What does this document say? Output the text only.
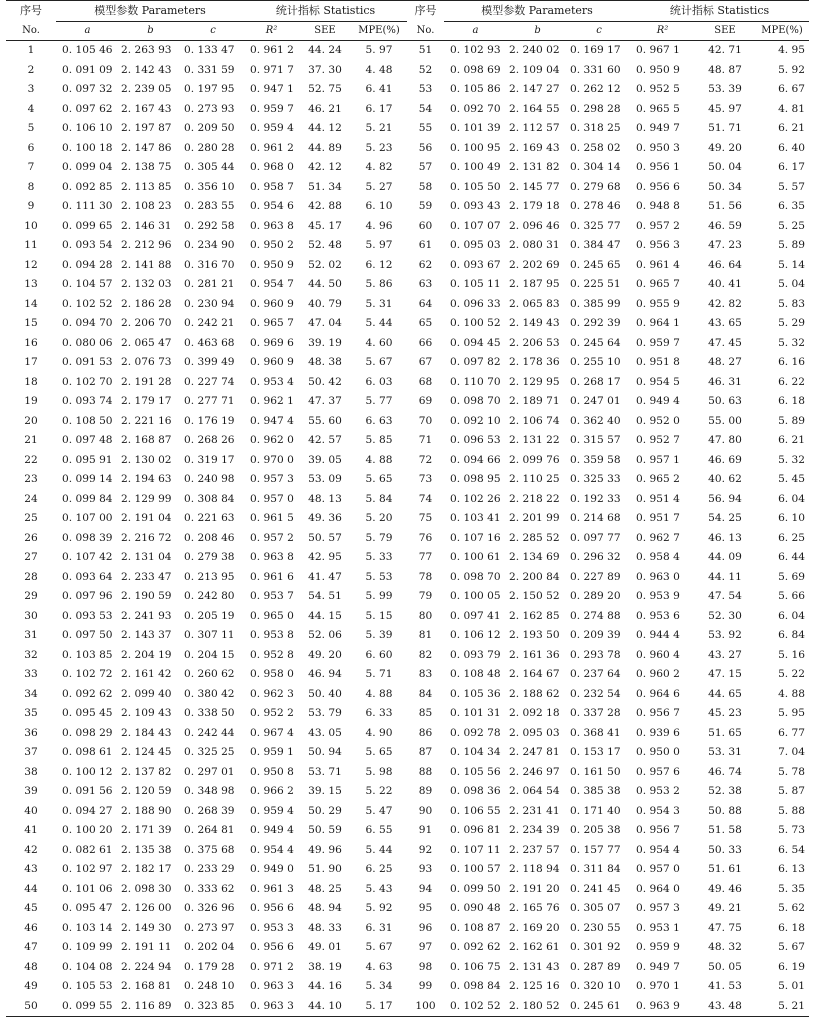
序号	模型参数 Parameters			统计指标 Statistics			序号	模型参数 Parameters			统计指标 Statistics		
No.	a	b	c	R²	SEE	MPE(%)	No.	a	b	c	R²	SEE	MPE(%)
1	0. 105 46	2. 263 93	0. 133 47	0. 961 2	44. 24	5. 97	51	0. 102 93	2. 240 02	0. 169 17	0. 967 1	42. 71	4. 95
2	0. 091 09	2. 142 43	0. 331 59	0. 971 7	37. 30	4. 48	52	0. 098 69	2. 109 04	0. 331 60	0. 950 9	48. 87	5. 92
3	0. 097 32	2. 239 05	0. 197 95	0. 947 1	52. 75	6. 41	53	0. 105 86	2. 147 27	0. 262 12	0. 952 5	53. 39	6. 67
4	0. 097 62	2. 167 43	0. 273 93	0. 959 7	46. 21	6. 17	54	0. 092 70	2. 164 55	0. 298 28	0. 965 5	45. 97	4. 81
5	0. 106 10	2. 197 87	0. 209 50	0. 959 4	44. 12	5. 21	55	0. 101 39	2. 112 57	0. 318 25	0. 949 7	51. 71	6. 21
6	0. 100 18	2. 147 86	0. 280 28	0. 961 2	44. 89	5. 23	56	0. 100 95	2. 169 43	0. 258 02	0. 950 3	49. 20	6. 40
7	0. 099 04	2. 138 75	0. 305 44	0. 968 0	42. 12	4. 82	57	0. 100 49	2. 131 82	0. 304 14	0. 956 1	50. 04	6. 17
8	0. 092 85	2. 113 85	0. 356 10	0. 958 7	51. 34	5. 27	58	0. 105 50	2. 145 77	0. 279 68	0. 956 6	50. 34	5. 57
9	0. 111 30	2. 108 23	0. 283 55	0. 954 6	42. 88	6. 10	59	0. 093 43	2. 179 18	0. 278 46	0. 948 8	51. 56	6. 35
10	0. 099 65	2. 146 31	0. 292 58	0. 963 8	45. 17	4. 96	60	0. 107 07	2. 096 46	0. 325 77	0. 957 2	46. 59	5. 25
11	0. 093 54	2. 212 96	0. 234 90	0. 950 2	52. 48	5. 97	61	0. 095 03	2. 080 31	0. 384 47	0. 956 3	47. 23	5. 89
12	0. 094 28	2. 141 88	0. 316 70	0. 950 9	52. 02	6. 12	62	0. 093 67	2. 202 69	0. 245 65	0. 961 4	46. 64	5. 14
13	0. 104 57	2. 132 03	0. 281 21	0. 954 7	44. 50	5. 86	63	0. 105 11	2. 187 95	0. 225 51	0. 965 7	40. 41	5. 04
14	0. 102 52	2. 186 28	0. 230 94	0. 960 9	40. 79	5. 31	64	0. 096 33	2. 065 83	0. 385 99	0. 955 9	42. 82	5. 83
15	0. 094 70	2. 206 70	0. 242 21	0. 965 7	47. 04	5. 44	65	0. 100 52	2. 149 43	0. 292 39	0. 964 1	43. 65	5. 29
16	0. 080 06	2. 065 47	0. 463 68	0. 969 6	39. 19	4. 60	66	0. 094 45	2. 206 53	0. 245 64	0. 959 7	47. 45	5. 32
17	0. 091 53	2. 076 73	0. 399 49	0. 960 9	48. 38	5. 67	67	0. 097 82	2. 178 36	0. 255 10	0. 951 8	48. 27	6. 16
18	0. 102 70	2. 191 28	0. 227 74	0. 953 4	50. 42	6. 03	68	0. 110 70	2. 129 95	0. 268 17	0. 954 5	46. 31	6. 22
19	0. 093 74	2. 179 17	0. 277 71	0. 962 1	47. 37	5. 77	69	0. 098 70	2. 189 71	0. 247 01	0. 949 4	50. 63	6. 18
20	0. 108 50	2. 221 16	0. 176 19	0. 947 4	55. 60	6. 63	70	0. 092 10	2. 106 74	0. 362 40	0. 952 0	55. 00	5. 89
21	0. 097 48	2. 168 87	0. 268 26	0. 962 0	42. 57	5. 85	71	0. 096 53	2. 131 22	0. 315 57	0. 952 7	47. 80	6. 21
22	0. 095 91	2. 130 02	0. 319 17	0. 970 0	39. 05	4. 88	72	0. 094 66	2. 099 76	0. 359 58	0. 957 1	46. 69	5. 32
23	0. 099 14	2. 194 63	0. 240 98	0. 957 3	53. 09	5. 65	73	0. 098 95	2. 110 25	0. 325 33	0. 965 2	40. 62	5. 45
24	0. 099 84	2. 129 99	0. 308 84	0. 957 0	48. 13	5. 84	74	0. 102 26	2. 218 22	0. 192 33	0. 951 4	56. 94	6. 04
25	0. 107 00	2. 191 04	0. 221 63	0. 961 5	49. 36	5. 20	75	0. 103 41	2. 201 99	0. 214 68	0. 951 7	54. 25	6. 10
26	0. 098 39	2. 216 72	0. 208 46	0. 957 2	50. 57	5. 79	76	0. 107 16	2. 285 52	0. 097 77	0. 962 7	46. 13	6. 25
27	0. 107 42	2. 131 04	0. 279 38	0. 963 8	42. 95	5. 33	77	0. 100 61	2. 134 69	0. 296 32	0. 958 4	44. 09	6. 44
28	0. 093 64	2. 233 47	0. 213 95	0. 961 6	41. 47	5. 53	78	0. 098 70	2. 200 84	0. 227 89	0. 963 0	44. 11	5. 69
29	0. 097 96	2. 190 59	0. 242 80	0. 953 7	54. 51	5. 99	79	0. 100 05	2. 150 52	0. 289 20	0. 953 9	47. 54	5. 66
30	0. 093 53	2. 241 93	0. 205 19	0. 965 0	44. 15	5. 15	80	0. 097 41	2. 162 85	0. 274 88	0. 953 6	52. 30	6. 04
31	0. 097 50	2. 143 37	0. 307 11	0. 953 8	52. 06	5. 39	81	0. 106 12	2. 193 50	0. 209 39	0. 944 4	53. 92	6. 84
32	0. 103 85	2. 204 19	0. 204 15	0. 952 8	49. 20	6. 60	82	0. 093 79	2. 161 36	0. 293 78	0. 960 4	43. 27	5. 16
33	0. 102 72	2. 161 42	0. 260 62	0. 958 0	46. 94	5. 71	83	0. 108 48	2. 164 67	0. 237 64	0. 960 2	47. 15	5. 22
34	0. 092 62	2. 099 40	0. 380 42	0. 962 3	50. 40	4. 88	84	0. 105 36	2. 188 62	0. 232 54	0. 964 6	44. 65	4. 88
35	0. 095 45	2. 109 43	0. 338 50	0. 952 2	53. 79	6. 33	85	0. 101 31	2. 092 18	0. 337 28	0. 956 7	45. 23	5. 95
36	0. 098 29	2. 184 43	0. 242 44	0. 967 4	43. 05	4. 90	86	0. 092 78	2. 095 03	0. 368 41	0. 939 6	51. 65	6. 77
37	0. 098 61	2. 124 45	0. 325 25	0. 959 1	50. 94	5. 65	87	0. 104 34	2. 247 81	0. 153 17	0. 950 0	53. 31	7. 04
38	0. 100 12	2. 137 82	0. 297 01	0. 950 8	53. 71	5. 98	88	0. 105 56	2. 246 97	0. 161 50	0. 957 6	46. 74	5. 78
39	0. 091 56	2. 120 59	0. 348 98	0. 966 2	39. 15	5. 22	89	0. 098 36	2. 064 54	0. 385 38	0. 953 2	52. 38	5. 87
40	0. 094 27	2. 188 90	0. 268 39	0. 959 4	50. 29	5. 47	90	0. 106 55	2. 231 41	0. 171 40	0. 954 3	50. 88	5. 88
41	0. 100 20	2. 171 39	0. 264 81	0. 949 4	50. 59	6. 55	91	0. 096 81	2. 234 39	0. 205 38	0. 956 7	51. 58	5. 73
42	0. 082 61	2. 135 38	0. 375 68	0. 954 4	49. 96	5. 44	92	0. 107 11	2. 237 57	0. 157 77	0. 954 4	50. 33	6. 54
43	0. 102 97	2. 182 17	0. 233 29	0. 949 0	51. 90	6. 25	93	0. 100 57	2. 118 94	0. 311 84	0. 957 0	51. 61	6. 13
44	0. 101 06	2. 098 30	0. 333 62	0. 961 3	48. 25	5. 43	94	0. 099 50	2. 191 20	0. 241 45	0. 964 0	49. 46	5. 35
45	0. 095 47	2. 126 00	0. 326 96	0. 956 6	48. 94	5. 92	95	0. 090 48	2. 165 76	0. 305 07	0. 957 3	49. 21	5. 62
46	0. 103 14	2. 149 30	0. 273 97	0. 953 3	48. 33	6. 31	96	0. 108 87	2. 169 20	0. 230 55	0. 953 1	47. 75	6. 18
47	0. 109 99	2. 191 11	0. 202 04	0. 956 6	49. 01	5. 67	97	0. 092 62	2. 162 61	0. 301 92	0. 959 9	48. 32	5. 67
48	0. 104 08	2. 224 94	0. 179 28	0. 971 2	38. 19	4. 63	98	0. 106 75	2. 131 43	0. 287 89	0. 949 7	50. 05	6. 19
49	0. 105 53	2. 168 81	0. 248 10	0. 963 3	44. 16	5. 34	99	0. 098 84	2. 125 16	0. 320 10	0. 970 1	41. 53	5. 01
50	0. 099 55	2. 116 89	0. 323 85	0. 963 3	44. 10	5. 17	100	0. 102 52	2. 180 52	0. 245 61	0. 963 9	43. 48	5. 21
